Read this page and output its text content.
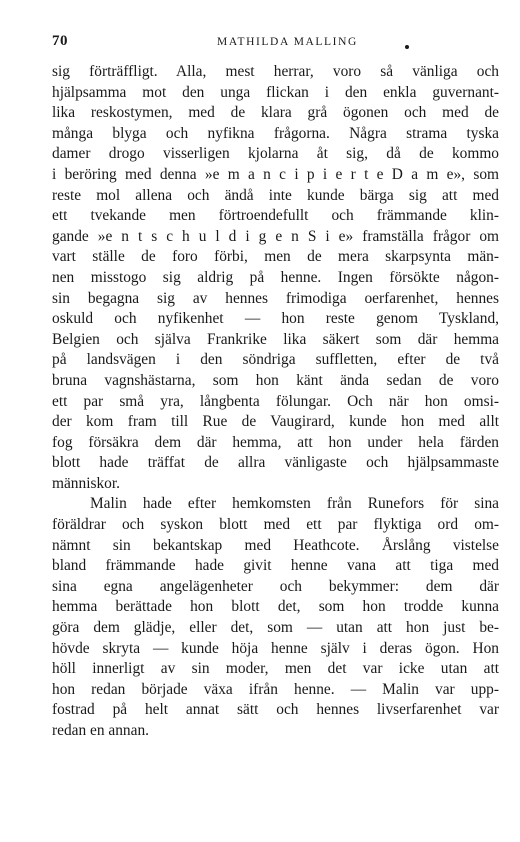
70	MATHILDA MALLING
sig förträffligt. Alla, mest herrar, voro så vänliga och
hjälpsamma mot den unga flickan i den enkla guvernant-
lika reskostymen, med de klara grå ögonen och med de
många blyga och nyfikna frågorna. Några strama tyska
damer drogo visserligen kjolarna åt sig, då de kommo
i beröring med denna »e m a n c i p i e r t e D a m e», som
reste mol allena och ändå inte kunde bärga sig att med
ett tvekande men förtroendefullt och främmande klin-
gande »e n t s c h u l d i g e n S i e» framställa frågor om
vart ställe de foro förbi, men de mera skarpsynta män-
nen misstogo sig aldrig på henne. Ingen försökte någon-
sin begagna sig av hennes frimodiga oerfarenhet, hennes
oskuld och nyfikenhet — hon reste genom Tyskland,
Belgien och själva Frankrike lika säkert som där hemma
på landsvägen i den söndriga suffletten, efter de två
bruna vagnshästarna, som hon känt ända sedan de voro
ett par små yra, långbenta fölungar. Och när hon omsi-
der kom fram till Rue de Vaugirard, kunde hon med allt
fog försäkra dem där hemma, att hon under hela färden
blott hade träffat de allra vänligaste och hjälpsammaste
människor.
Malin hade efter hemkomsten från Runefors för sina
föräldrar och syskon blott med ett par flyktiga ord om-
nämnt sin bekantskap med Heathcote. Årslång vistelse
bland främmande hade givit henne vana att tiga med
sina egna angelägenheter och bekymmer: dem där
hemma berättade hon blott det, som hon trodde kunna
göra dem glädje, eller det, som — utan att hon just be-
hövde skryta — kunde höja henne själv i deras ögon. Hon
höll innerligt av sin moder, men det var icke utan att
hon redan började växa ifrån henne. — Malin var upp-
fostrad på helt annat sätt och hennes livserfarenhet var
redan en annan.
